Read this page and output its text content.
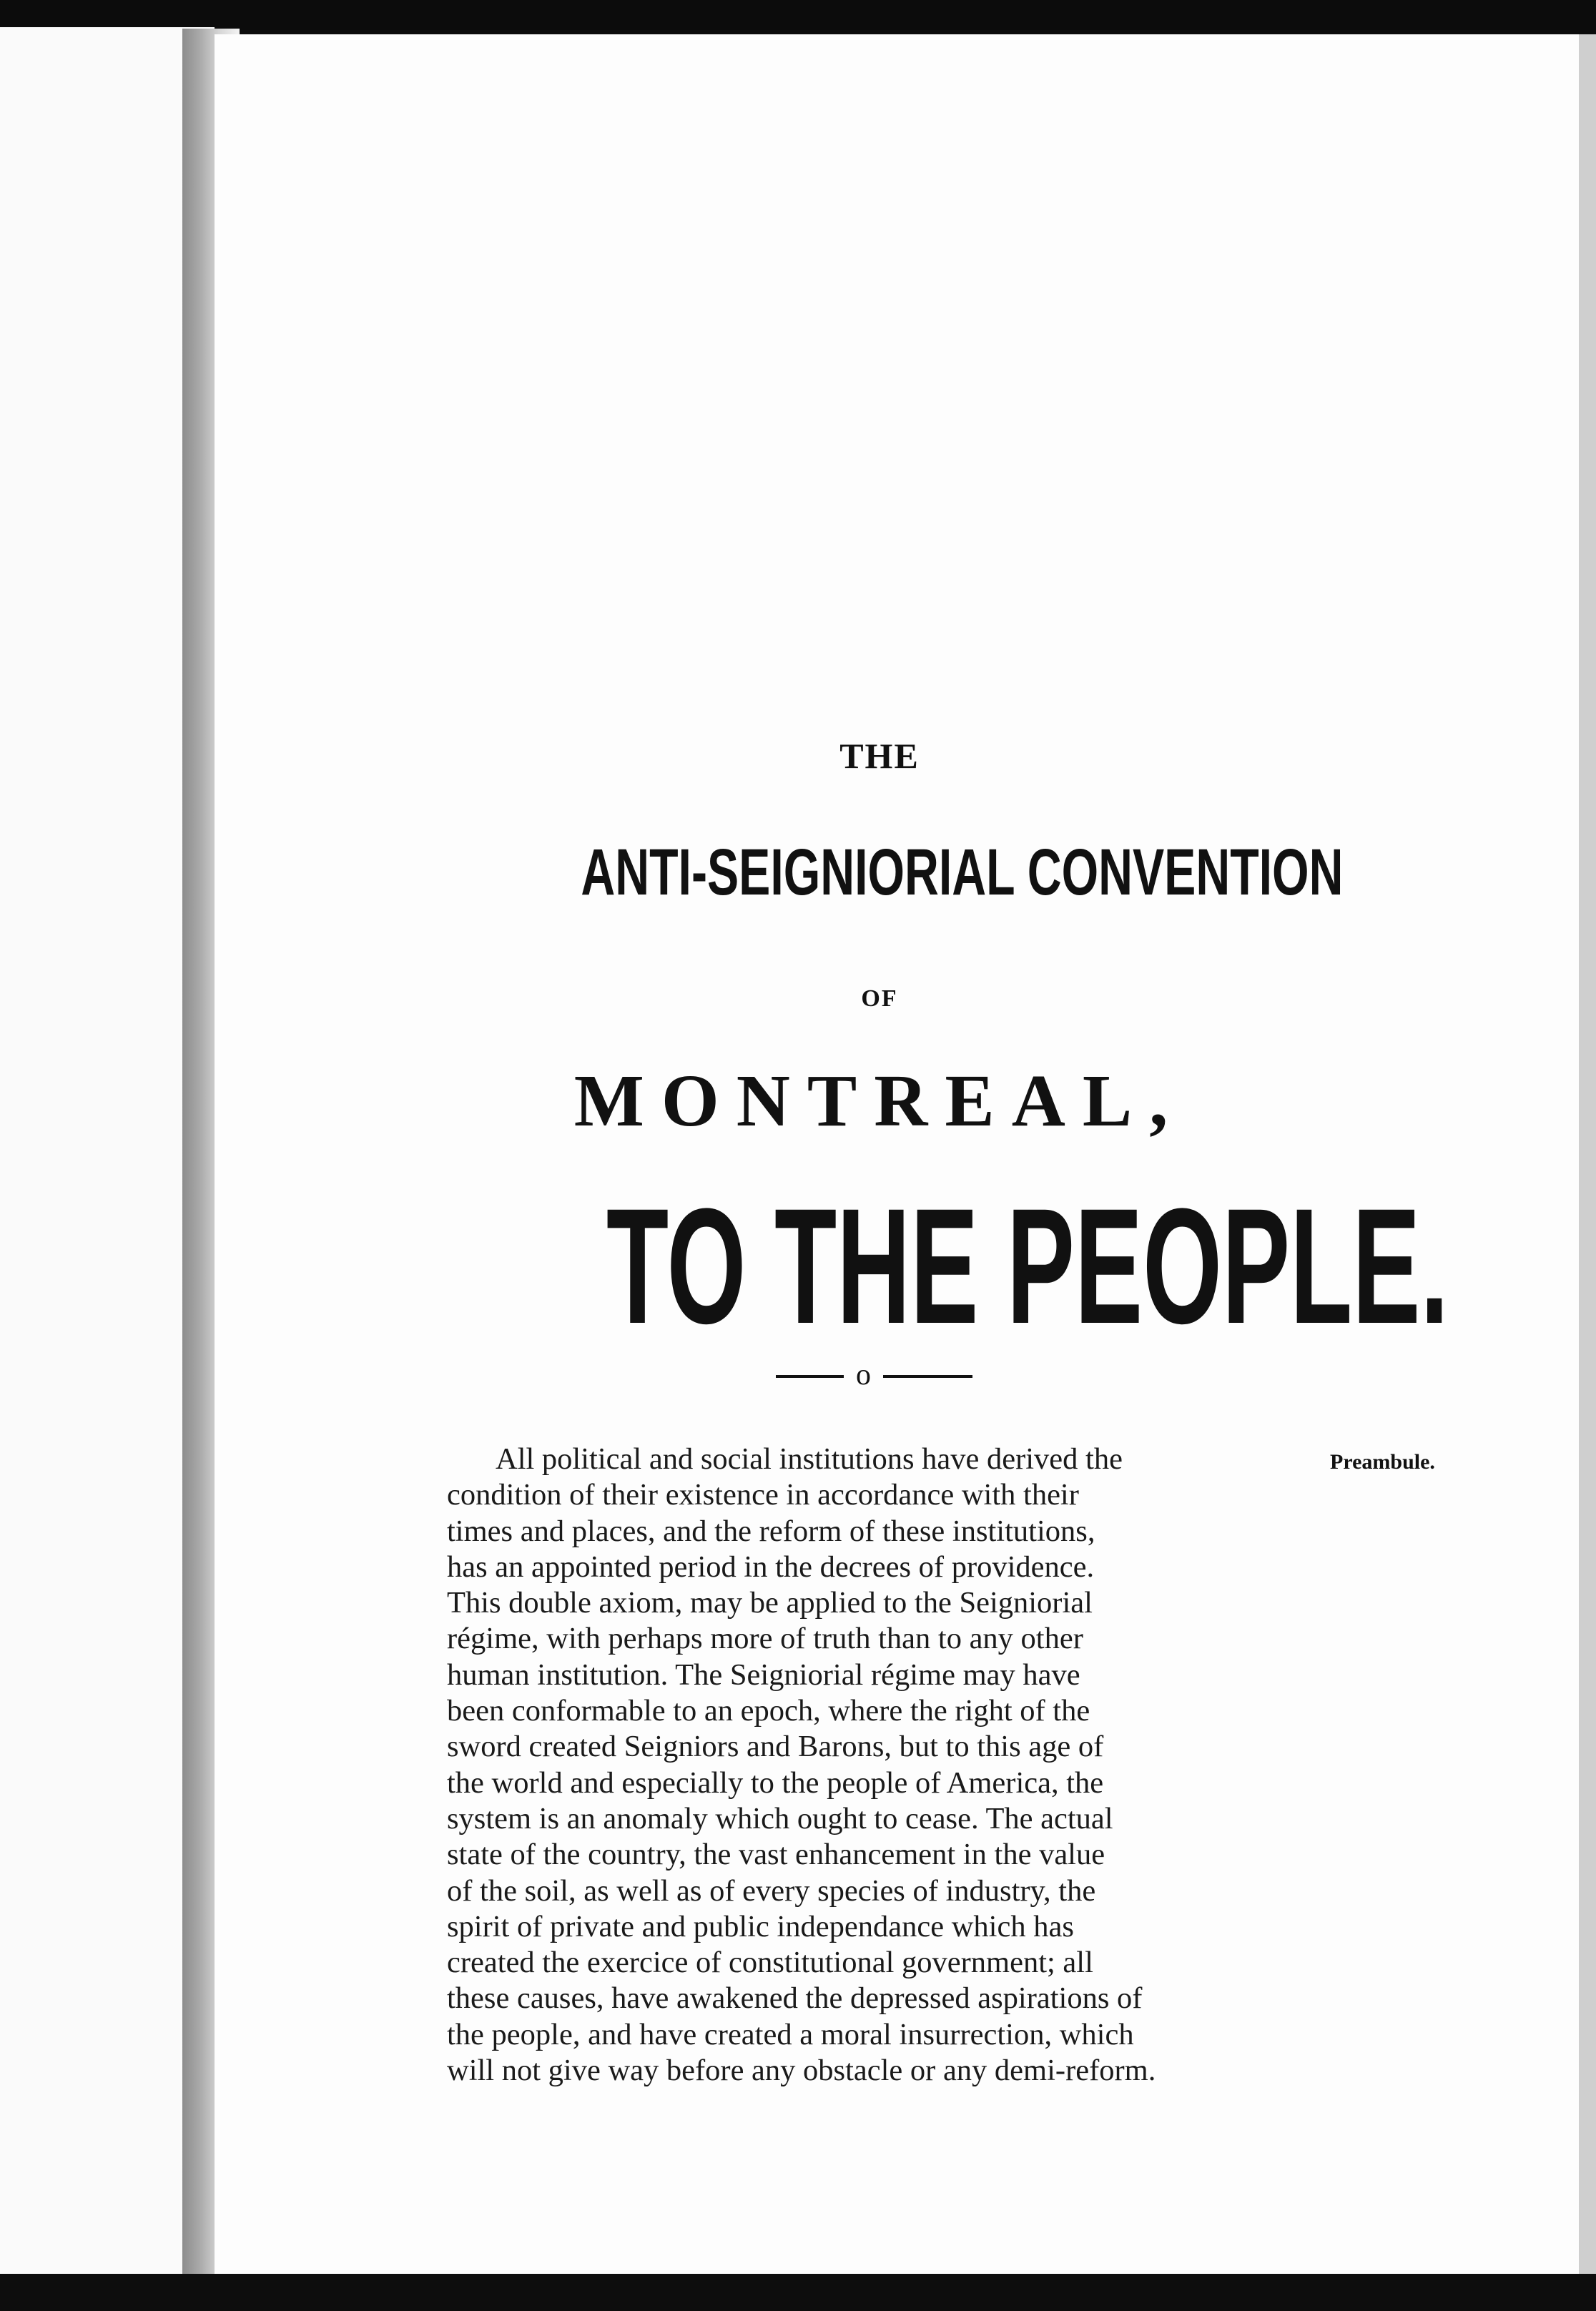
THE
ANTI-SEIGNIORIAL CONVENTION
OF
MONTREAL,
TO THE PEOPLE.
o
Preambule.

All political and social institutions have derived the
condition of their existence in accordance with their
times and places, and the reform of these institutions,
has an appointed period in the decrees of providence.
This double axiom, may be applied to the Seigniorial
régime, with perhaps more of truth than to any other
human institution. The Seigniorial régime may have
been conformable to an epoch, where the right of the
sword created Seigniors and Barons, but to this age of
the world and especially to the people of America, the
system is an anomaly which ought to cease. The actual
state of the country, the vast enhancement in the value
of the soil, as well as of every species of industry, the
spirit of private and public independance which has
created the exercice of constitutional government; all
these causes, have awakened the depressed aspirations of
the people, and have created a moral insurrection, which
will not give way before any obstacle or any demi-reform.
